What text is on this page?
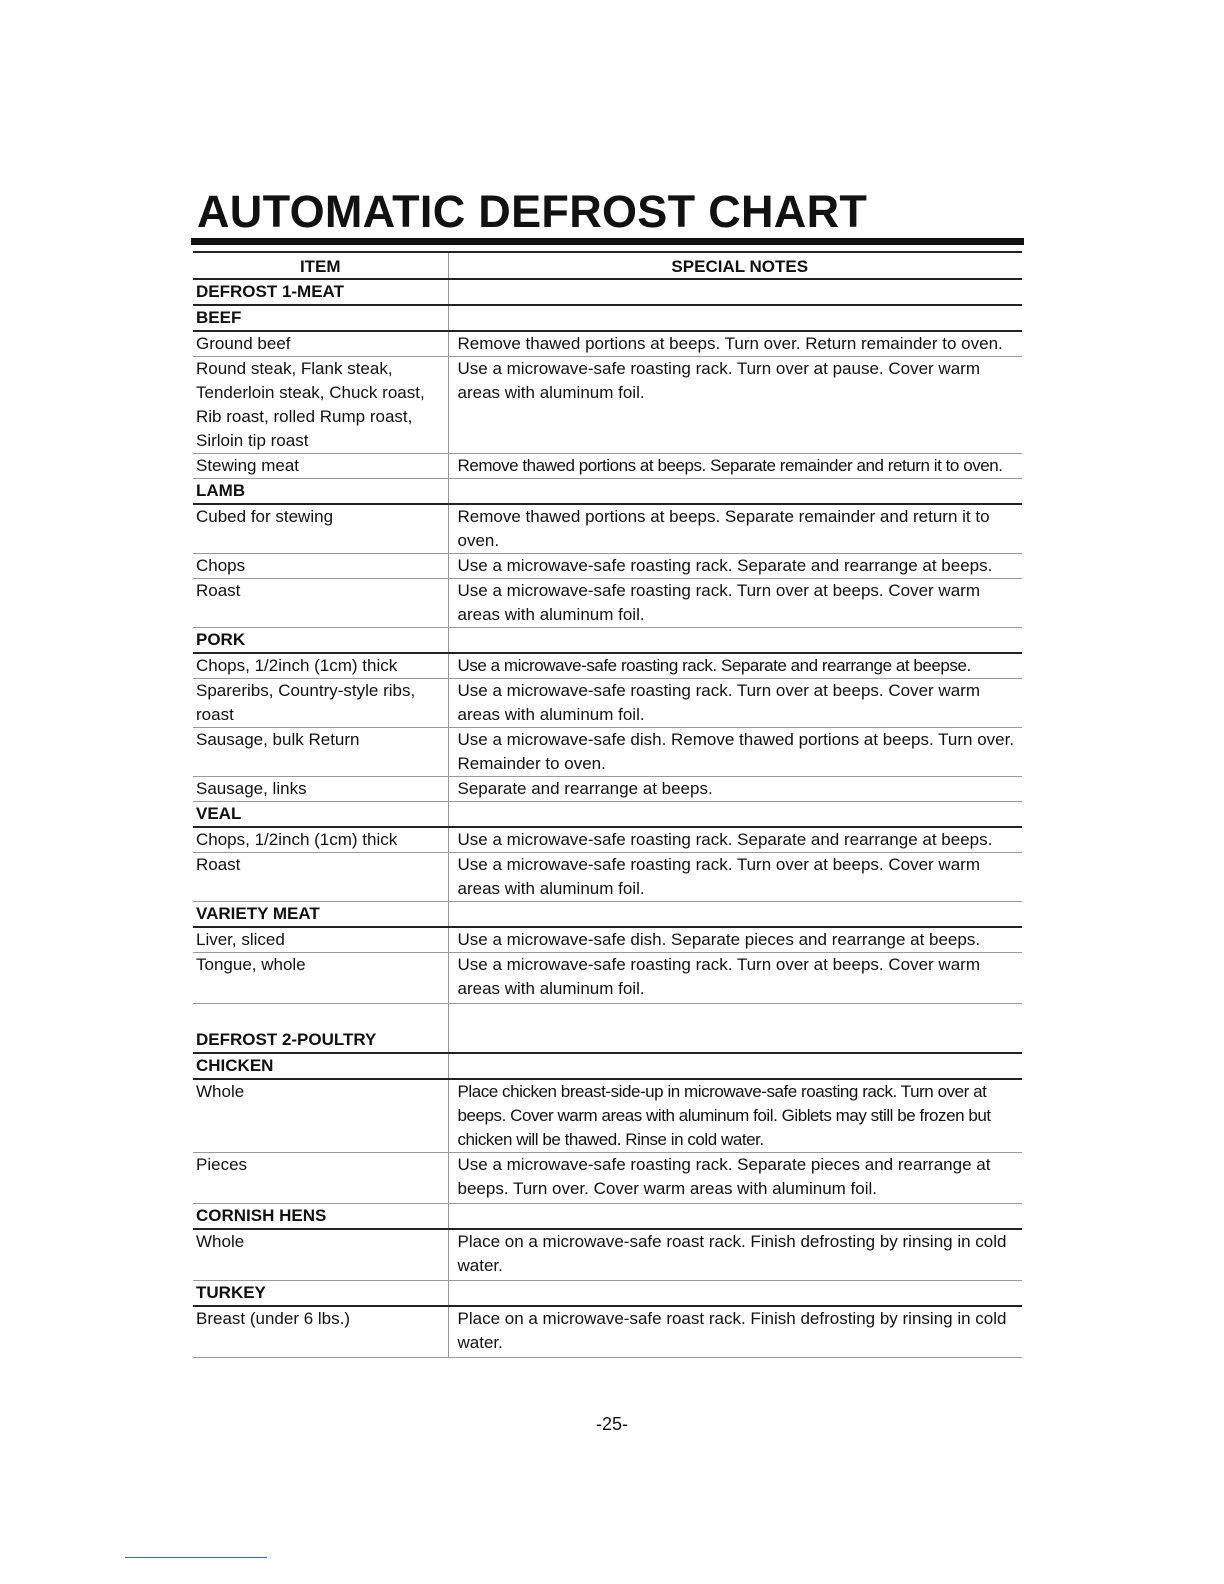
AUTOMATIC DEFROST CHART
ITEM	SPECIAL NOTES
DEFROST 1-MEAT	
BEEF	
Ground beef	Remove thawed portions at beeps. Turn over. Return remainder to oven.
Round steak, Flank steak, Tenderloin steak, Chuck roast, Rib roast, rolled Rump roast, Sirloin tip roast	Use a microwave-safe roasting rack. Turn over at pause. Cover warm areas with aluminum foil.
Stewing meat	Remove thawed portions at beeps. Separate remainder and return it to oven.
LAMB	
Cubed for stewing	Remove thawed portions at beeps. Separate remainder and return it to oven.
Chops	Use a microwave-safe roasting rack. Separate and rearrange at beeps.
Roast	Use a microwave-safe roasting rack. Turn over at beeps. Cover warm areas with aluminum foil.
PORK	
Chops, 1/2inch (1cm) thick	Use a microwave-safe roasting rack. Separate and rearrange at beepse.
Spareribs, Country-style ribs, roast	Use a microwave-safe roasting rack. Turn over at beeps. Cover warm areas with aluminum foil.
Sausage, bulk Return	Use a microwave-safe dish. Remove thawed portions at beeps. Turn over. Remainder to oven.
Sausage, links	Separate and rearrange at beeps.
VEAL	
Chops, 1/2inch (1cm) thick	Use a microwave-safe roasting rack. Separate and rearrange at beeps.
Roast	Use a microwave-safe roasting rack. Turn over at beeps. Cover warm areas with aluminum foil.
VARIETY MEAT	
Liver, sliced	Use a microwave-safe dish. Separate pieces and rearrange at beeps.
Tongue, whole	Use a microwave-safe roasting rack. Turn over at beeps. Cover warm areas with aluminum foil.
DEFROST 2-POULTRY	
CHICKEN	
Whole	Place chicken breast-side-up in microwave-safe roasting rack. Turn over at beeps. Cover warm areas with aluminum foil. Giblets may still be frozen but chicken will be thawed. Rinse in cold water.
Pieces	Use a microwave-safe roasting rack. Separate pieces and rearrange at beeps. Turn over. Cover warm areas with aluminum foil.
CORNISH HENS	
Whole	Place on a microwave-safe roast rack. Finish defrosting by rinsing in cold water.
TURKEY	
Breast (under 6 lbs.)	Place on a microwave-safe roast rack. Finish defrosting by rinsing in cold water.
-25-
